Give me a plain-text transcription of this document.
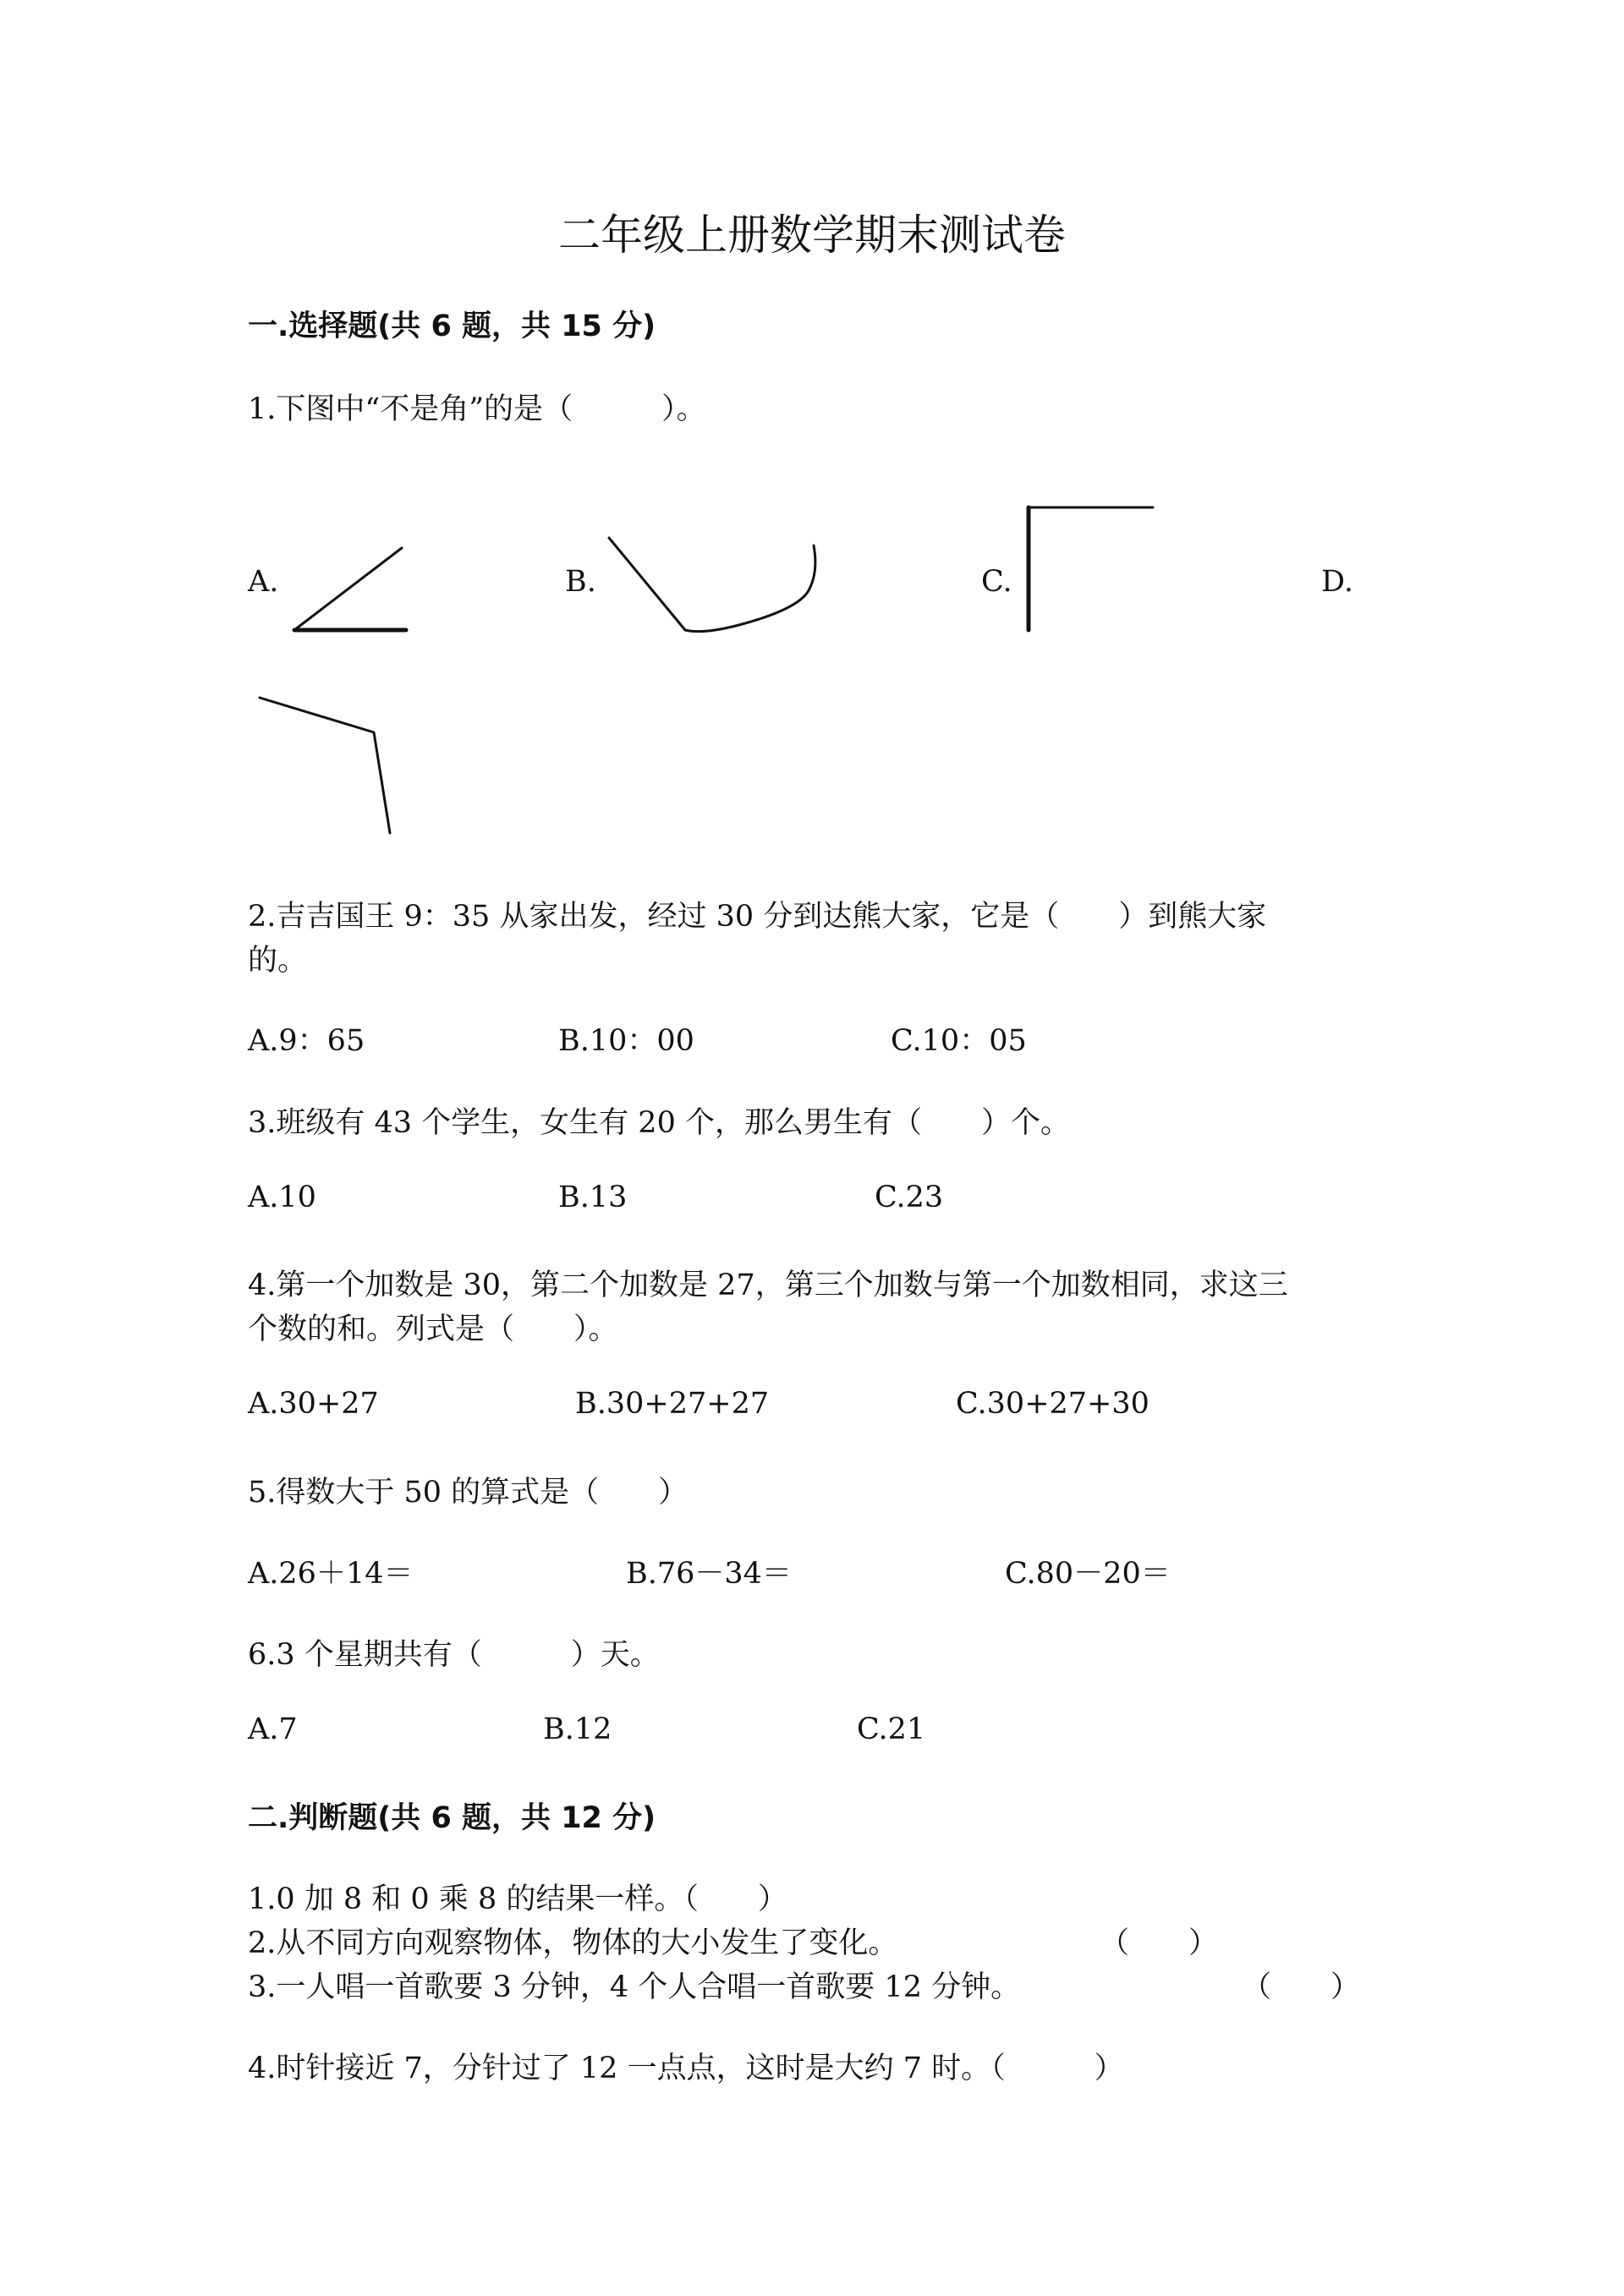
二年级上册数学期末测试卷
一.选择题(共 6 题，共 15 分)
1.下图中“不是角”的是（　　　）。
A.	B.	C.	D.
2.吉吉国王 9：35 从家出发，经过 30 分到达熊大家，它是（　　）到熊大家
的。
A.9：65	B.10：00	C.10：05
3.班级有 43 个学生，女生有 20 个，那么男生有（　　）个。
A.10	B.13	C.23
4.第一个加数是 30，第二个加数是 27，第三个加数与第一个加数相同，求这三
个数的和。列式是（　　）。
A.30+27	B.30+27+27	C.30+27+30
5.得数大于 50 的算式是（　　）
A.26＋14＝	B.76－34＝	C.80－20＝
6.3 个星期共有（　　　）天。
A.7	B.12	C.21
二.判断题(共 6 题，共 12 分)
1.0 加 8 和 0 乘 8 的结果一样。（　　）
2.从不同方向观察物体，物体的大小发生了变化。	（　　）
3.一人唱一首歌要 3 分钟，4 个人合唱一首歌要 12 分钟。	（　　）
4.时针接近 7，分针过了 12 一点点，这时是大约 7 时。（　　　）
